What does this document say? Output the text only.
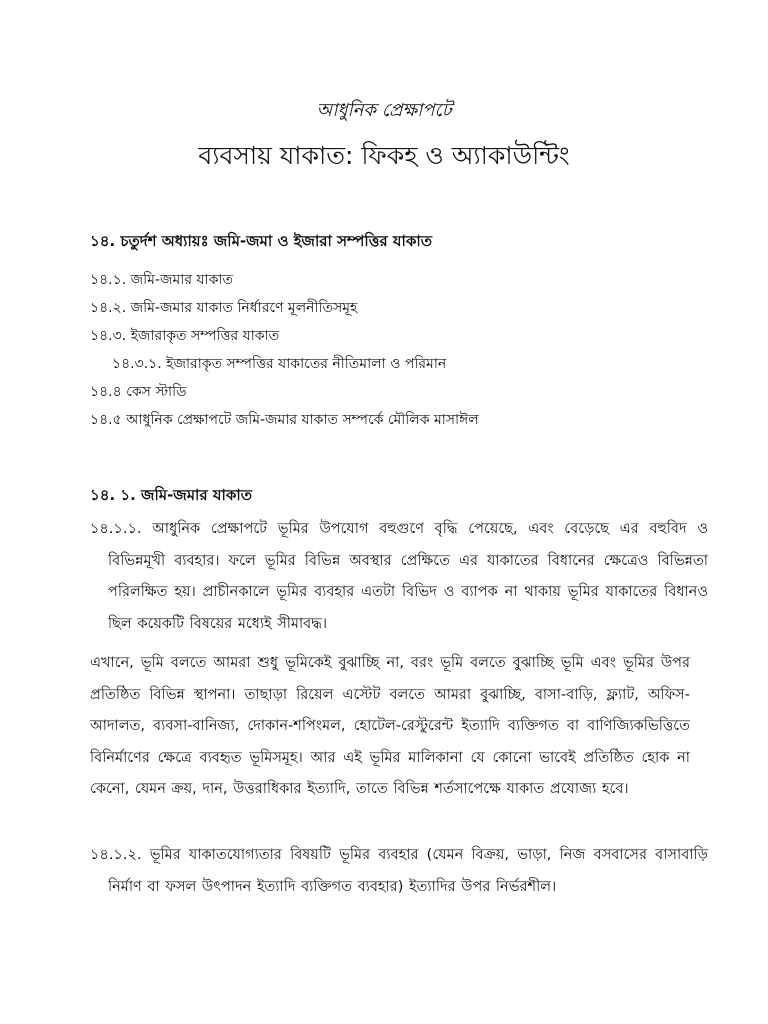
আধুনিক প্রেক্ষাপটে
ব্যবসায় যাকাত: ফিকহ ও অ্যাকাউন্টিং
১৪. চতুর্দশ অধ্যায়ঃ জমি-জমা ও ইজারা সম্পত্তির যাকাত
১৪.১. জমি-জমার যাকাত
১৪.২. জমি-জমার যাকাত নির্ধারণে মূলনীতিসমূহ
১৪.৩. ইজারাকৃত সম্পত্তির যাকাত
১৪.৩.১. ইজারাকৃত সম্পত্তির যাকাতের নীতিমালা ও পরিমান
১৪.৪ কেস স্টাডি
১৪.৫ আধুনিক প্রেক্ষাপটে জমি-জমার যাকাত সম্পর্কে মৌলিক মাসাঈল
১৪. ১. জমি-জমার যাকাত

১৪.১.১. আধুনিক প্রেক্ষাপটে ভূমির উপযোগ বহুগুণে বৃদ্ধি পেয়েছে, এবং বেড়েছে এর বহুবিদ ও বিভিন্নমূখী ব্যবহার। ফলে ভূমির বিভিন্ন অবস্থার প্রেক্ষিতে এর যাকাতের বিধানের ক্ষেত্রেও বিভিন্নতা পরিলক্ষিত হয়। প্রাচীনকালে ভূমির ব্যবহার এতটা বিভিদ ও ব্যাপক না থাকায় ভূমির যাকাতের বিধানও ছিল কয়েকটি বিষয়ের মধ্যেই সীমাবদ্ধ।

এখানে, ভূমি বলতে আমরা শুধু ভূমিকেই বুঝাচ্ছি না, বরং ভূমি বলতে বুঝাচ্ছি ভূমি এবং ভূমির উপর প্রতিষ্ঠিত বিভিন্ন স্থাপনা। তাছাড়া রিয়েল এস্টেট বলতে আমরা বুঝাচ্ছি, বাসা-বাড়ি, ফ্ল্যাট, অফিস-আদালত, ব্যবসা-বানিজ্য, দোকান-শপিংমল, হোটেল-রেস্টুরেন্ট ইত্যাদি ব্যক্তিগত বা বাণিজ্যিকভিত্তিতে বিনির্মাণের ক্ষেত্রে ব্যবহৃত ভূমিসমূহ। আর এই ভূমির মালিকানা যে কোনো ভাবেই প্রতিষ্ঠিত হোক না কেনো, যেমন ক্রয়, দান, উত্তরাধিকার ইত্যাদি, তাতে বিভিন্ন শর্তসাপেক্ষে যাকাত প্রযোজ্য হবে।

১৪.১.২. ভূমির যাকাতযোগ্যতার বিষয়টি ভূমির ব্যবহার (যেমন বিক্রয়, ভাড়া, নিজ বসবাসের বাসাবাড়ি নির্মাণ বা ফসল উৎপাদন ইত্যাদি ব্যক্তিগত ব্যবহার) ইত্যাদির উপর নির্ভরশীল।
